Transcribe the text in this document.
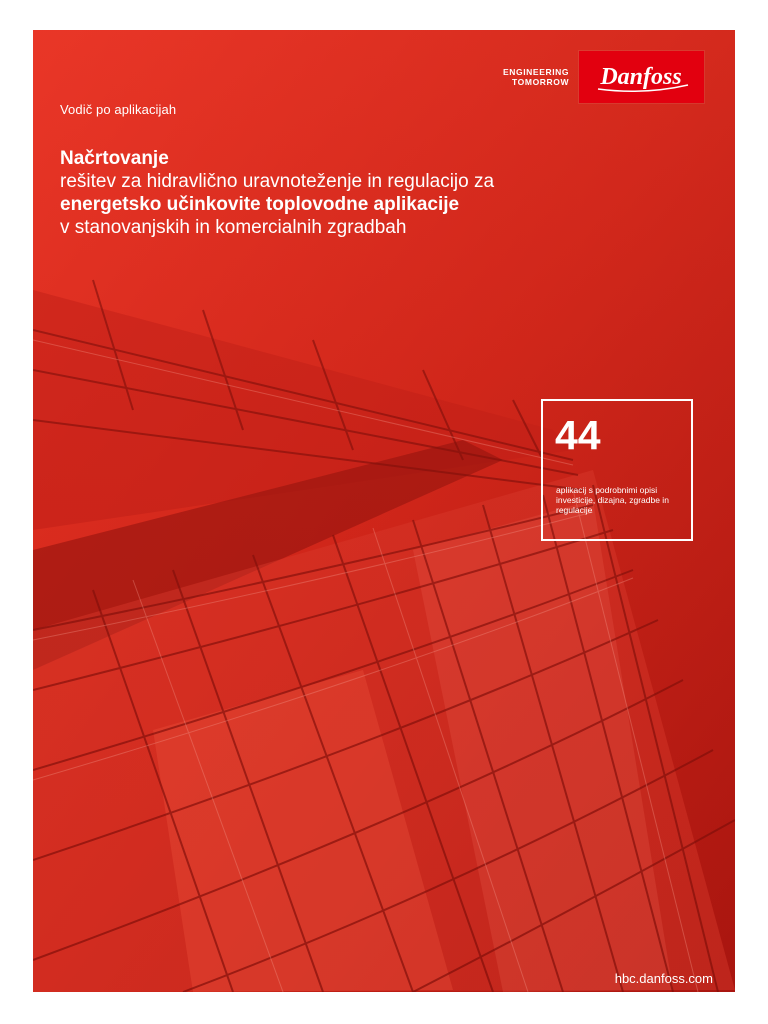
Vodič po aplikacijah
ENGINEERING
TOMORROW Danfoss
Načrtovanje
rešitev za hidravlično uravnoteženje in regulacijo za
energetsko učinkovite toplovodne aplikacije
v stanovanjskih in komercialnih zgradbah
44
aplikacij s podrobnimi opisi investicije, dizajna, zgradbe in regulacije
hbc.danfoss.com
